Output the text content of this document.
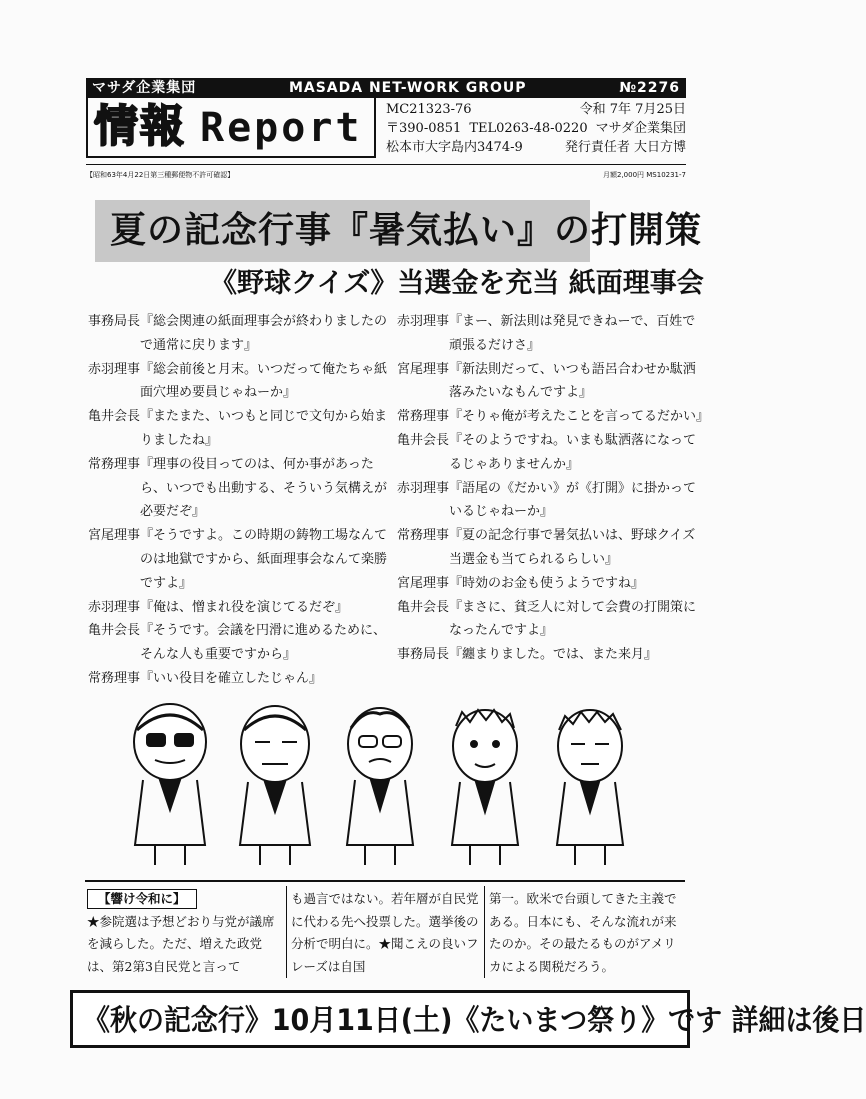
マサダ企業集団	MASADA NET-WORK GROUP	№2276
情報 Report MC21323-76	令和 7年 7月25日
〒390-0851 TEL0263-48-0220 マサダ企業集団
松本市大字島内3474-9	発行責任者 大日方博
【昭和63年4月22日第三種郵便物不許可確認】	月額2,000円 MS10231-7
夏の記念行事『暑気払い』の打開策
《野球クイズ》当選金を充当 紙面理事会
事務局長 『総会関連の紙面理事会が終わりましたので通常に戻ります』
赤羽理事 『総会前後と月末。いつだって俺たちゃ紙面穴埋め要員じゃねーか』
亀井会長 『またまた、いつもと同じで文句から始まりましたね』
常務理事 『理事の役目ってのは、何か事があったら、いつでも出動する、そういう気構えが必要だぞ』
宮尾理事 『そうですよ。この時期の鋳物工場なんてのは地獄ですから、紙面理事会なんて楽勝ですよ』
赤羽理事 『俺は、憎まれ役を演じてるだぞ』
亀井会長 『そうです。会議を円滑に進めるために、そんな人も重要ですから』
常務理事 『いい役目を確立したじゃん』
赤羽理事 『まー、新法則は発見できねーで、百姓で頑張るだけさ』
宮尾理事 『新法則だって、いつも語呂合わせか駄洒落みたいなもんですよ』
常務理事 『そりゃ俺が考えたことを言ってるだかい』
亀井会長 『そのようですね。いまも駄洒落になってるじゃありませんか』
赤羽理事 『語尾の《だかい》が《打開》に掛かっているじゃねーか』
常務理事 『夏の記念行事で暑気払いは、野球クイズ当選金も当てられるらしい』
宮尾理事 『時効のお金も使うようですね』
亀井会長 『まさに、貧乏人に対して会費の打開策になったんですよ』
事務局長 『纏まりました。では、また来月』
【響け令和に】
★参院選は予想どおり与党が議席を減らした。ただ、増えた政党は、第2第3自民党と言って
も過言ではない。若年層が自民党に代わる先へ投票した。選挙後の分析で明白に。★聞こえの良いフレーズは自国
第一。欧米で台頭してきた主義である。日本にも、そんな流れが来たのか。その最たるものがアメリカによる関税だろう。
《秋の記念行》10月11日(土)《たいまつ祭り》です 詳細は後日
